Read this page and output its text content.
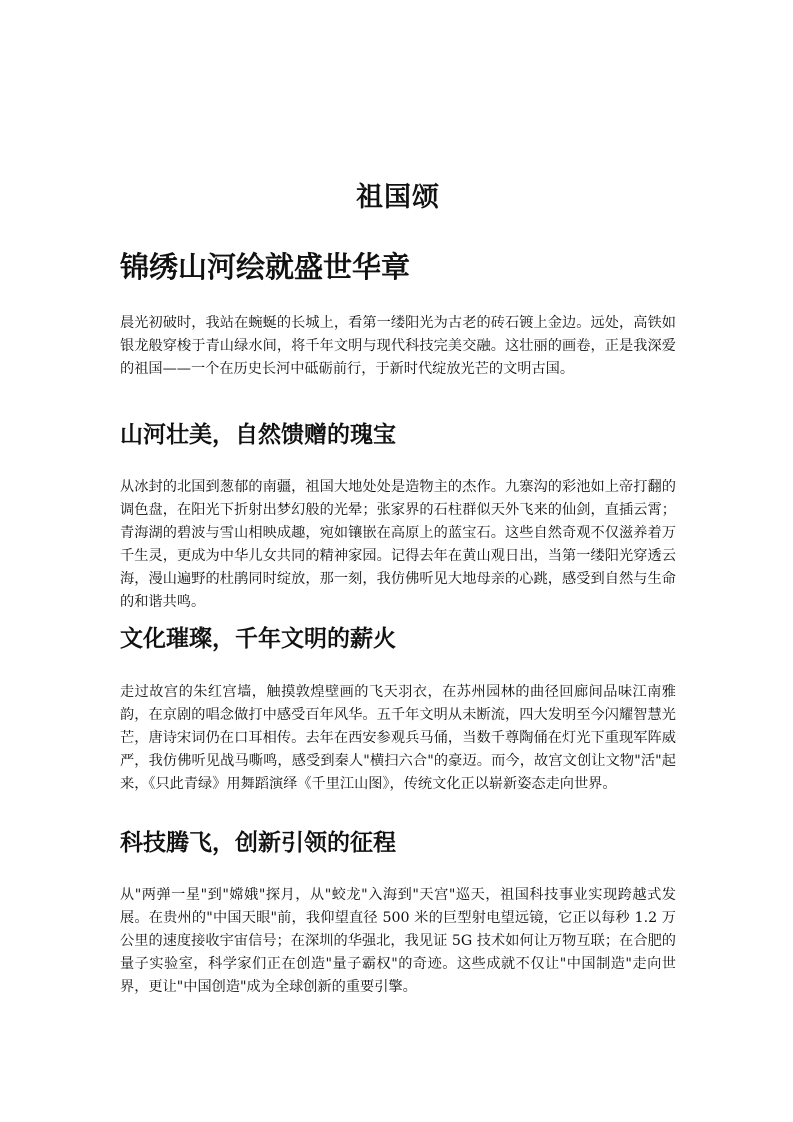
祖国颂
锦绣山河绘就盛世华章

晨光初破时，我站在蜿蜒的长城上，看第一缕阳光为古老的砖石镀上金边。远处，高铁如银龙般穿梭于青山绿水间，将千年文明与现代科技完美交融。这壮丽的画卷，正是我深爱的祖国——一个在历史长河中砥砺前行，于新时代绽放光芒的文明古国。

山河壮美，自然馈赠的瑰宝

从冰封的北国到葱郁的南疆，祖国大地处处是造物主的杰作。九寨沟的彩池如上帝打翻的调色盘，在阳光下折射出梦幻般的光晕；张家界的石柱群似天外飞来的仙剑，直插云霄；青海湖的碧波与雪山相映成趣，宛如镶嵌在高原上的蓝宝石。这些自然奇观不仅滋养着万千生灵，更成为中华儿女共同的精神家园。记得去年在黄山观日出，当第一缕阳光穿透云海，漫山遍野的杜鹃同时绽放，那一刻，我仿佛听见大地母亲的心跳，感受到自然与生命的和谐共鸣。

文化璀璨，千年文明的薪火

走过故宫的朱红宫墙，触摸敦煌壁画的飞天羽衣，在苏州园林的曲径回廊间品味江南雅韵，在京剧的唱念做打中感受百年风华。五千年文明从未断流，四大发明至今闪耀智慧光芒，唐诗宋词仍在口耳相传。去年在西安参观兵马俑，当数千尊陶俑在灯光下重现军阵威严，我仿佛听见战马嘶鸣，感受到秦人"横扫六合"的豪迈。而今，故宫文创让文物"活"起来，《只此青绿》用舞蹈演绎《千里江山图》，传统文化正以崭新姿态走向世界。

科技腾飞，创新引领的征程

从"两弹一星"到"嫦娥"探月，从"蛟龙"入海到"天宫"巡天，祖国科技事业实现跨越式发展。在贵州的"中国天眼"前，我仰望直径 500 米的巨型射电望远镜，它正以每秒 1.2 万公里的速度接收宇宙信号；在深圳的华强北，我见证 5G 技术如何让万物互联；在合肥的量子实验室，科学家们正在创造"量子霸权"的奇迹。这些成就不仅让"中国制造"走向世界，更让"中国创造"成为全球创新的重要引擎。
